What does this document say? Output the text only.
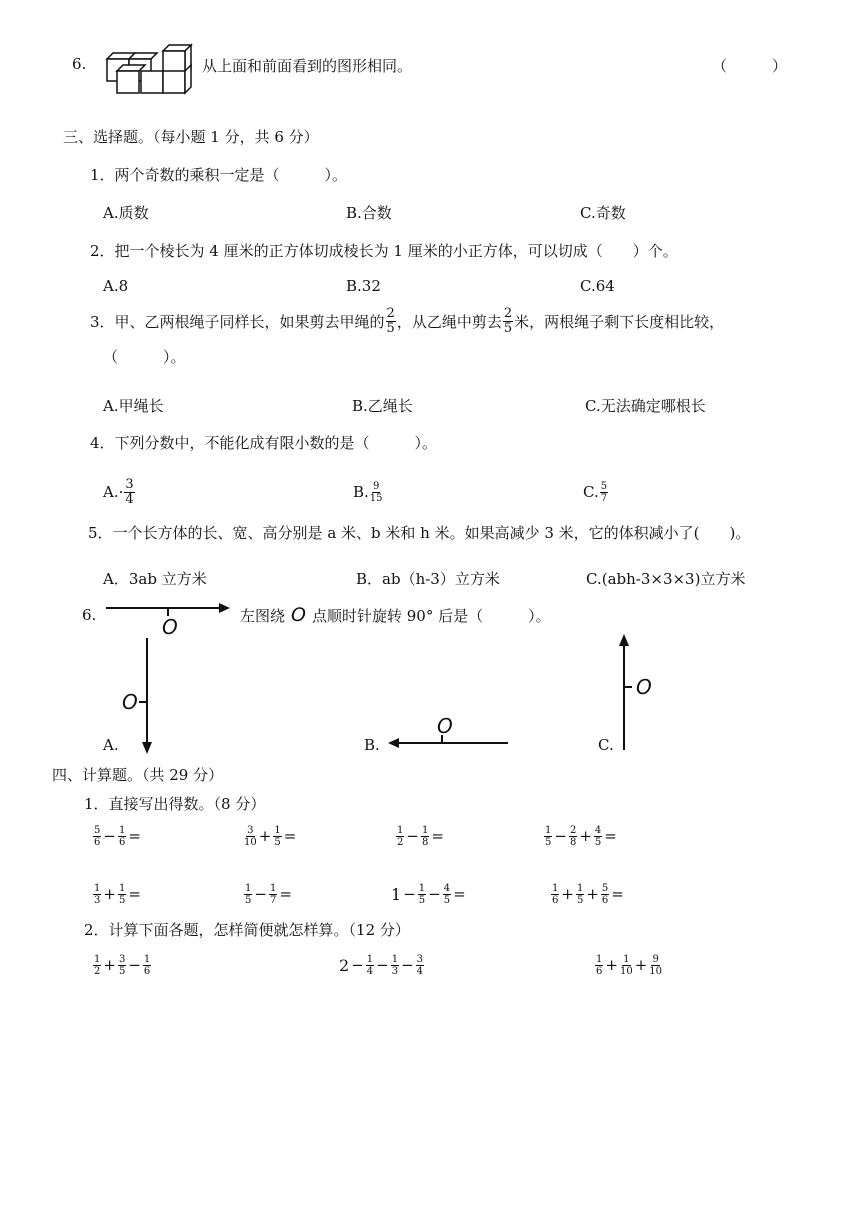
6.	从上面和前面看到的图形相同。	（　　　）
三、选择题。（每小题 1 分，共 6 分）
1．两个奇数的乘积一定是（　　　）。
A.质数	B.合数	C.奇数
2．把一个棱长为 4 厘米的正方体切成棱长为 1 厘米的小正方体，可以切成（　　）个。
A.8	B.32	C.64
3．甲、乙两根绳子同样长，如果剪去甲绳的 $\frac{2}{5}$ ，从乙绳中剪去 $\frac{2}{5}$ 米，两根绳子剩下长度相比较，
（　　　）。
A.甲绳长	B.乙绳长	C.无法确定哪根长
4．下列分数中，不能化成有限小数的是（　　　）。
$A.\cdot \frac{3}{4}$	B. $\frac{9}{15}$	C. $\frac{5}{7}$
5．一个长方体的长、宽、高分别是 a 米、b 米和 h 米。如果高减少 3 米，它的体积减小了(　　)。
A．3ab 立方米	B．ab（h-3）立方米	C.(abh-3×3×3)立方米
6.	O	左图绕 O 点顺时针旋转 90° 后是（　　　）。
O
A.
O
B.
O
C.
四、计算题。（共 29 分）
1．直接写出得数。（8 分）
$\frac{5}{6} - \frac{1}{6}$ =	$\frac{3}{10} + \frac{1}{5}$ =	$\frac{1}{2} - \frac{1}{8}$ =	$\frac{1}{5} - \frac{2}{8} + \frac{4}{5}$ =
$\frac{1}{3} + \frac{1}{5}$ =	$\frac{1}{5} - \frac{1}{7}$ =	$1 - \frac{1}{5} - \frac{4}{5}$ =	$\frac{1}{6} + \frac{1}{5} + \frac{5}{6}$ =
2．计算下面各题，怎样简便就怎样算。（12 分）
$\frac{1}{2} + \frac{3}{5} - \frac{1}{6}$	$2 - \frac{1}{4} - \frac{1}{3} - \frac{3}{4}$	$\frac{1}{6} + \frac{1}{10} + \frac{9}{10}$
